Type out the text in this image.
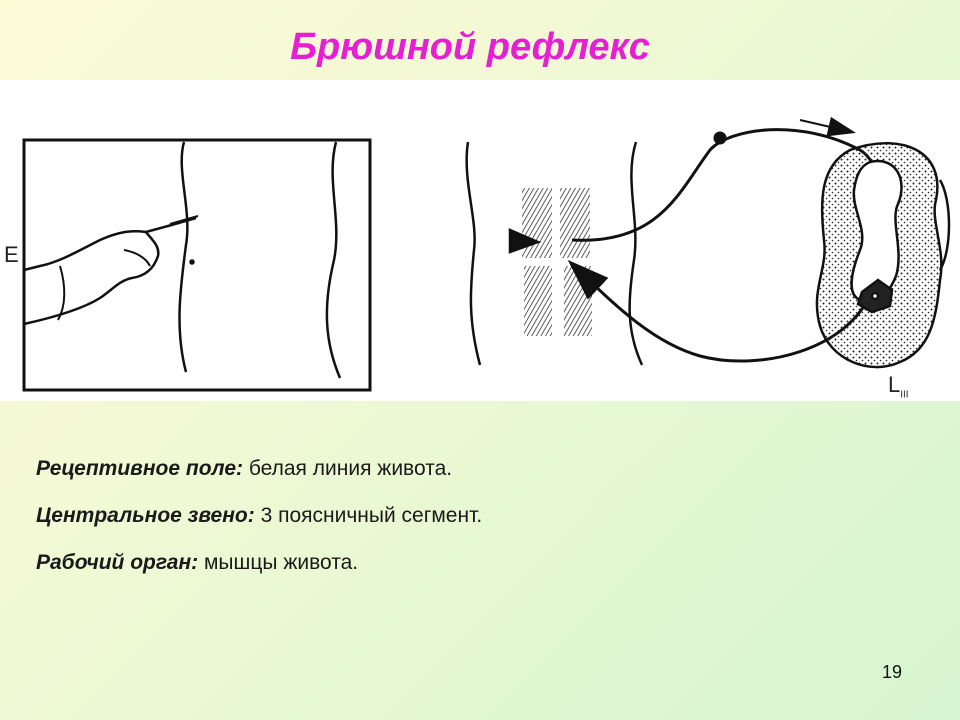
Брюшной рефлекс
E
$L_{III}$
Рецептивное поле: белая линия живота.
Центральное звено: 3 поясничный сегмент.
Рабочий орган: мышцы живота.
19
